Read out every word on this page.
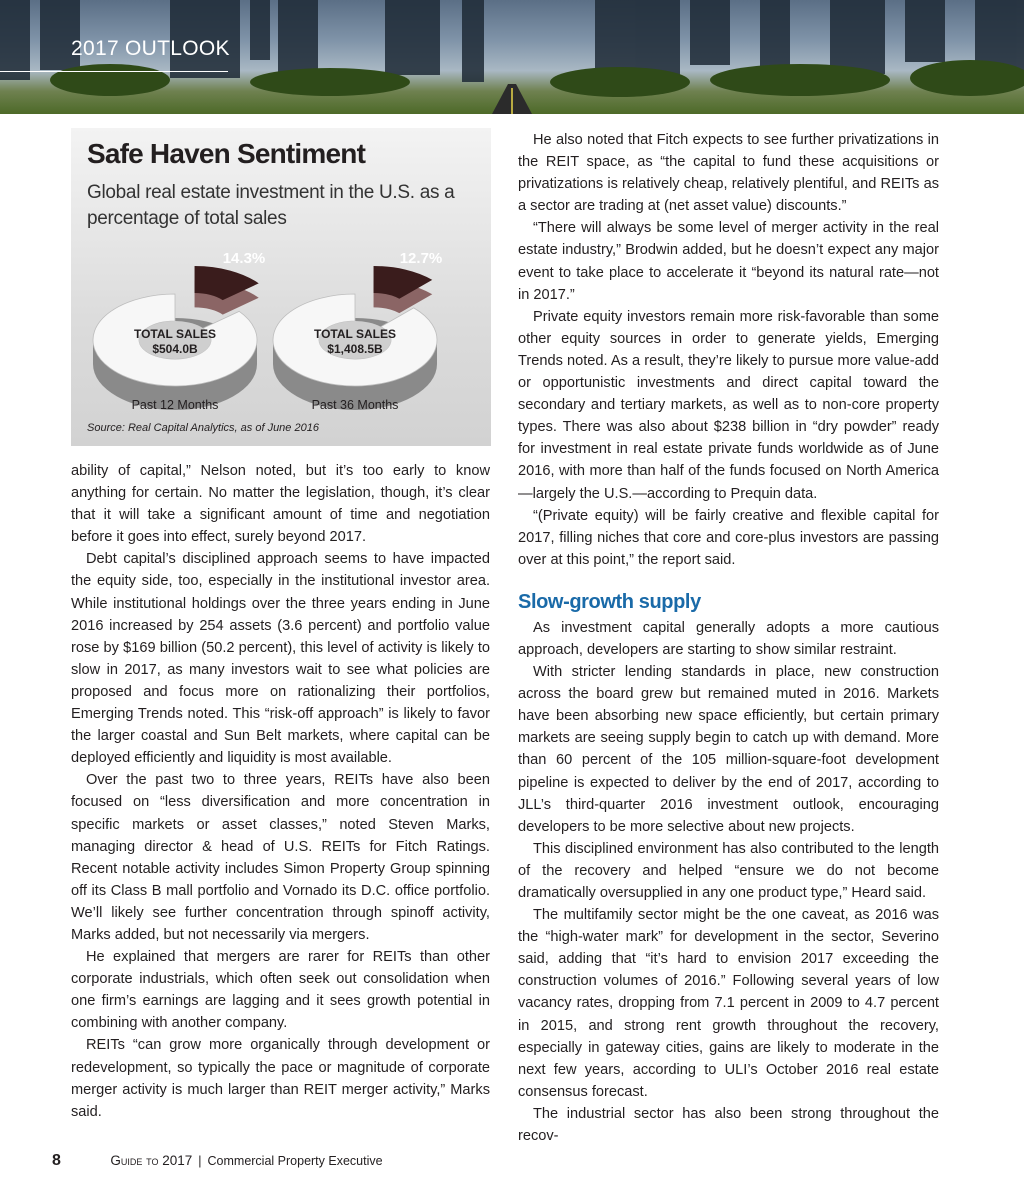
2017 OUTLOOK
Safe Haven Sentiment

Global real estate investment in the U.S. as a percentage of total sales

14.3%	12.7%
TOTAL SALES
$504.0B
TOTAL SALES
$1,408.5B
Past 12 Months	Past 36 Months
Source: Real Capital Analytics, as of June 2016

ability of capital,” Nelson noted, but it’s too early to know anything for certain. No matter the legislation, though, it’s clear that it will take a significant amount of time and negotiation before it goes into effect, surely beyond 2017.

Debt capital’s disciplined approach seems to have impacted the equity side, too, especially in the institutional investor area. While institutional holdings over the three years ending in June 2016 increased by 254 assets (3.6 percent) and portfolio value rose by $169 billion (50.2 percent), this level of activity is likely to slow in 2017, as many investors wait to see what policies are proposed and focus more on rationalizing their portfolios, Emerging Trends noted. This “risk-off approach” is likely to favor the larger coastal and Sun Belt markets, where capital can be deployed efficiently and liquidity is most available.

Over the past two to three years, REITs have also been focused on “less diversification and more concentration in specific markets or asset classes,” noted Steven Marks, managing director & head of U.S. REITs for Fitch Ratings. Recent notable activity includes Simon Property Group spinning off its Class B mall portfolio and Vornado its D.C. office portfolio. We’ll likely see further concentration through spinoff activity, Marks added, but not necessarily via mergers.

He explained that mergers are rarer for REITs than other corporate industrials, which often seek out consolidation when one firm’s earnings are lagging and it sees growth potential in combining with another company.

REITs “can grow more organically through development or redevelopment, so typically the pace or magnitude of corporate merger activity is much larger than REIT merger activity,” Marks said.

He also noted that Fitch expects to see further privatizations in the REIT space, as “the capital to fund these acquisitions or privatizations is relatively cheap, relatively plentiful, and REITs as a sector are trading at (net asset value) discounts.”

“There will always be some level of merger activity in the real estate industry,” Brodwin added, but he doesn’t expect any major event to take place to accelerate it “beyond its natural rate—not in 2017.”

Private equity investors remain more risk-favorable than some other equity sources in order to generate yields, Emerging Trends noted. As a result, they’re likely to pursue more value-add or opportunistic investments and direct capital toward the secondary and tertiary markets, as well as to non-core property types. There was also about $238 billion in “dry powder” ready for investment in real estate private funds worldwide as of June 2016, with more than half of the funds focused on North America—largely the U.S.—according to Prequin data.

“(Private equity) will be fairly creative and flexible capital for 2017, filling niches that core and core-plus investors are passing over at this point,” the report said.

Slow-growth supply

As investment capital generally adopts a more cautious approach, developers are starting to show similar restraint.

With stricter lending standards in place, new construction across the board grew but remained muted in 2016. Markets have been absorbing new space efficiently, but certain primary markets are seeing supply begin to catch up with demand. More than 60 percent of the 105 million-square-foot development pipeline is expected to deliver by the end of 2017, according to JLL’s third-quarter 2016 investment outlook, encouraging developers to be more selective about new projects.

This disciplined environment has also contributed to the length of the recovery and helped “ensure we do not become dramatically oversupplied in any one product type,” Heard said.

The multifamily sector might be the one caveat, as 2016 was the “high-water mark” for development in the sector, Severino said, adding that “it’s hard to envision 2017 exceeding the construction volumes of 2016.” Following several years of low vacancy rates, dropping from 7.1 percent in 2009 to 4.7 percent in 2015, and strong rent growth throughout the recovery, especially in gateway cities, gains are likely to moderate in the next few years, according to ULI’s October 2016 real estate consensus forecast.

The industrial sector has also been strong throughout the recov-

8	Guide to 2017 | Commercial Property Executive
